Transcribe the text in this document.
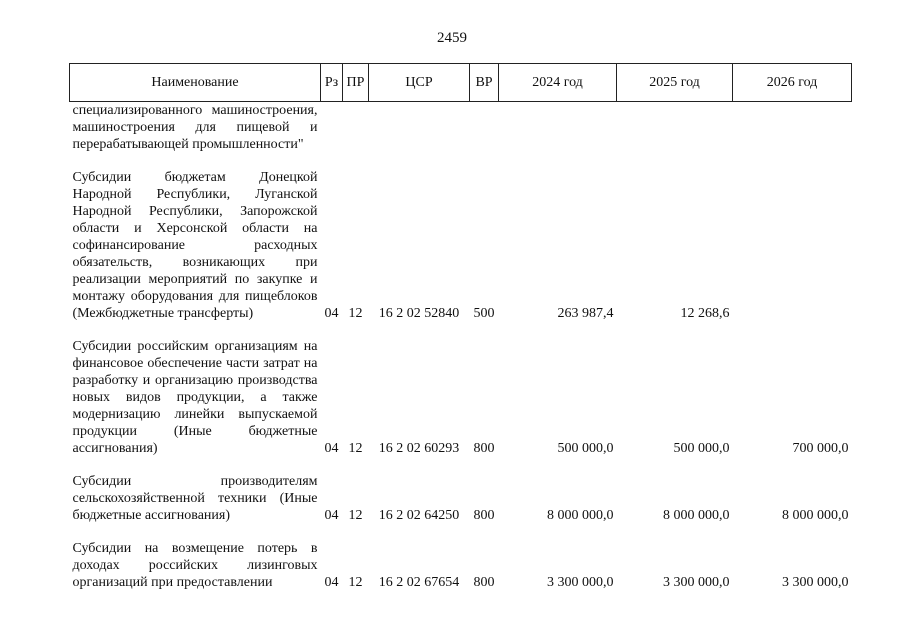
2459
Наименование	Рз	ПР	ЦСР	ВР	2024 год	2025 год	2026 год

специализированного машиностроения, машиностроения для пищевой и перерабатывающей промышленности"							

Субсидии бюджетам Донецкой Народной Республики, Луганской Народной Республики, Запорожской области и Херсонской области на софинансирование расходных обязательств, возникающих при реализации мероприятий по закупке и монтажу оборудования для пищеблоков (Межбюджетные трансферты)	04	12	16 2 02 52840	500	263 987,4	12 268,6	

Субсидии российским организациям на финансовое обеспечение части затрат на разработку и организацию производства новых видов продукции, а также модернизацию линейки выпускаемой продукции (Иные бюджетные ассигнования)	04	12	16 2 02 60293	800	500 000,0	500 000,0	700 000,0

Субсидии производителям сельскохозяйственной техники (Иные бюджетные ассигнования)	04	12	16 2 02 64250	800	8 000 000,0	8 000 000,0	8 000 000,0

Субсидии на возмещение потерь в доходах российских лизинговых организаций при предоставлении	04	12	16 2 02 67654	800	3 300 000,0	3 300 000,0	3 300 000,0
